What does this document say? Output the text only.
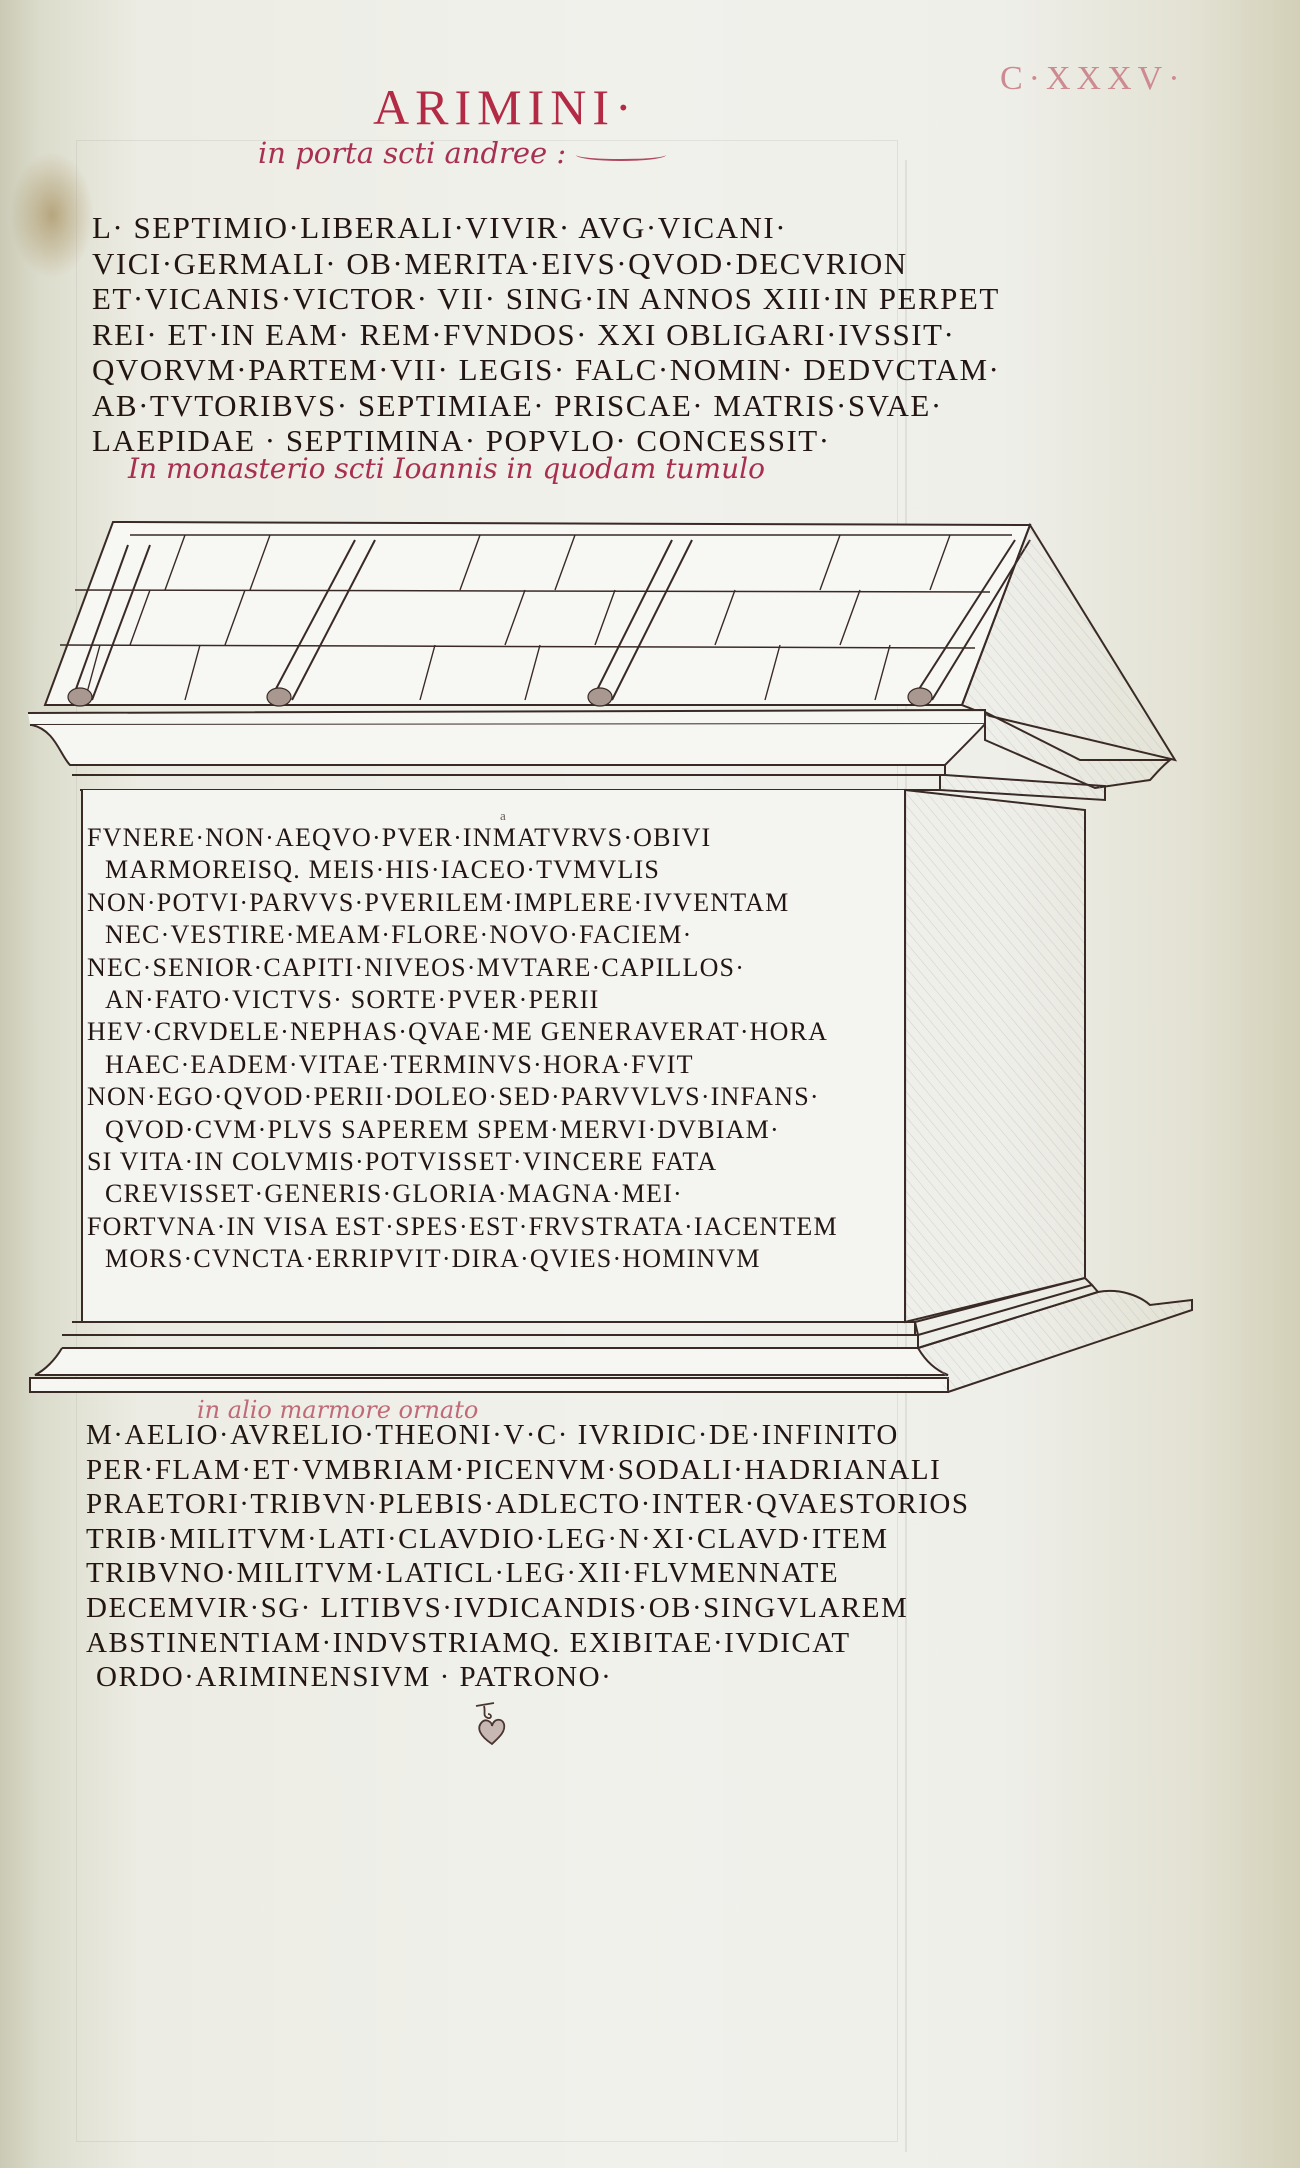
C·XXXV·
ARIMINI·
in porta scti andree :
L· SEPTIMIO·LIBERALI·VIVIR· AVG·VICANI·
VICI·GERMALI· OB·MERITA·EIVS·QVOD·DECVRION
ET·VICANIS·VICTOR· VII· SING·IN ANNOS XIII·IN PERPET
REI· ET·IN EAM· REM·FVNDOS· XXI OBLIGARI·IVSSIT·
QVORVM·PARTEM·VII· LEGIS· FALC·NOMIN· DEDVCTAM·
AB·TVTORIBVS· SEPTIMIAE· PRISCAE· MATRIS·SVAE·
LAEPIDAE · SEPTIMINA· POPVLO· CONCESSIT·
In monasterio scti Ioannis in quodam tumulo
a
FVNERE·NON·AEQVO·PVER·INMATVRVS·OBIVI
MARMOREISQ. MEIS·HIS·IACEO·TVMVLIS
NON·POTVI·PARVVS·PVERILEM·IMPLERE·IVVENTAM
NEC·VESTIRE·MEAM·FLORE·NOVO·FACIEM·
NEC·SENIOR·CAPITI·NIVEOS·MVTARE·CAPILLOS·
AN·FATO·VICTVS· SORTE·PVER·PERII
HEV·CRVDELE·NEPHAS·QVAE·ME GENERAVERAT·HORA
HAEC·EADEM·VITAE·TERMINVS·HORA·FVIT
NON·EGO·QVOD·PERII·DOLEO·SED·PARVVLVS·INFANS·
QVOD·CVM·PLVS SAPEREM SPEM·MERVI·DVBIAM·
SI VITA·IN COLVMIS·POTVISSET·VINCERE FATA
CREVISSET·GENERIS·GLORIA·MAGNA·MEI·
FORTVNA·IN VISA EST·SPES·EST·FRVSTRATA·IACENTEM
MORS·CVNCTA·ERRIPVIT·DIRA·QVIES·HOMINVM
in alio marmore ornato
M·AELIO·AVRELIO·THEONI·V·C· IVRIDIC·DE·INFINITO
PER·FLAM·ET·VMBRIAM·PICENVM·SODALI·HADRIANALI
PRAETORI·TRIBVN·PLEBIS·ADLECTO·INTER·QVAESTORIOS
TRIB·MILITVM·LATI·CLAVDIO·LEG·N·XI·CLAVD·ITEM
TRIBVNO·MILITVM·LATICL·LEG·XII·FLVMENNATE
DECEMVIR·SG· LITIBVS·IVDICANDIS·OB·SINGVLAREM
ABSTINENTIAM·INDVSTRIAMQ. EXIBITAE·IVDICAT
ORDO·ARIMINENSIVM · PATRONO·
